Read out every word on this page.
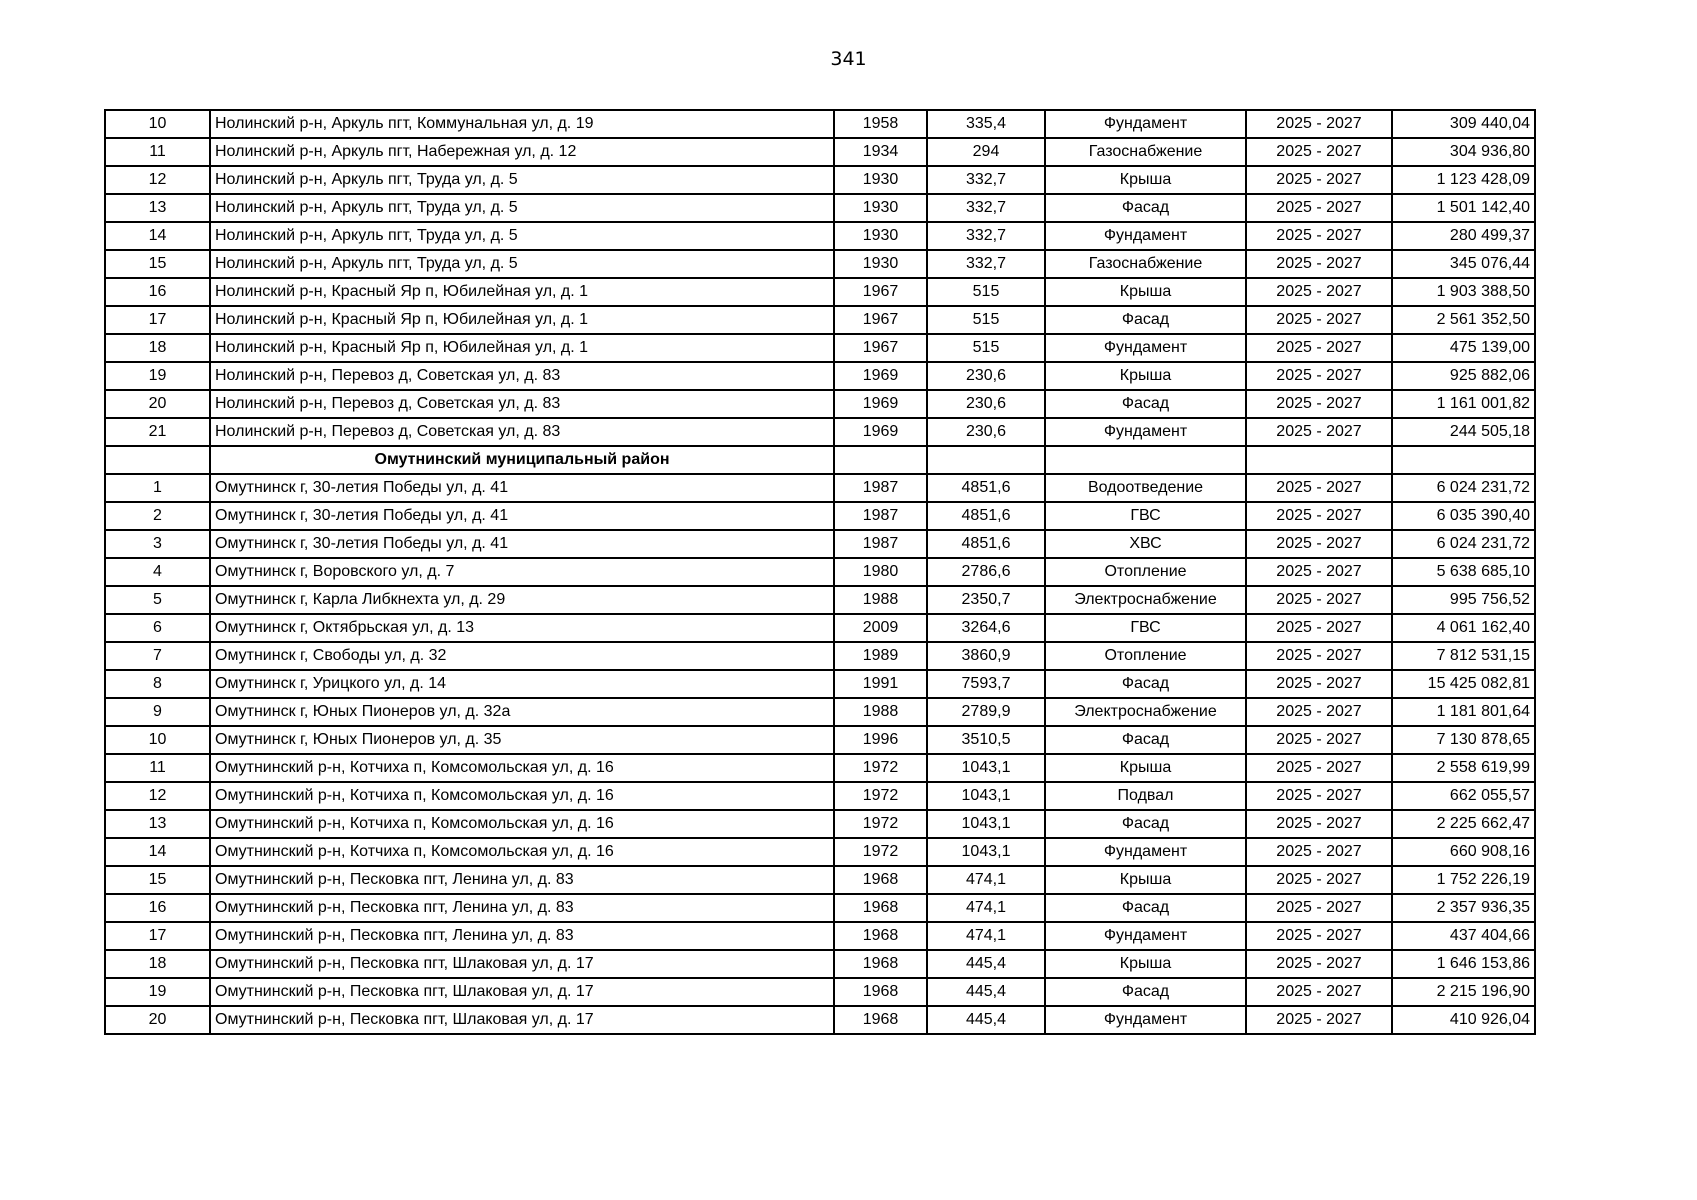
341
10	Нолинский р-н, Аркуль пгт, Коммунальная ул, д. 19	1958	335,4	Фундамент	2025 - 2027	309 440,04
11	Нолинский р-н, Аркуль пгт, Набережная ул, д. 12	1934	294	Газоснабжение	2025 - 2027	304 936,80
12	Нолинский р-н, Аркуль пгт, Труда ул, д. 5	1930	332,7	Крыша	2025 - 2027	1 123 428,09
13	Нолинский р-н, Аркуль пгт, Труда ул, д. 5	1930	332,7	Фасад	2025 - 2027	1 501 142,40
14	Нолинский р-н, Аркуль пгт, Труда ул, д. 5	1930	332,7	Фундамент	2025 - 2027	280 499,37
15	Нолинский р-н, Аркуль пгт, Труда ул, д. 5	1930	332,7	Газоснабжение	2025 - 2027	345 076,44
16	Нолинский р-н, Красный Яр п, Юбилейная ул, д. 1	1967	515	Крыша	2025 - 2027	1 903 388,50
17	Нолинский р-н, Красный Яр п, Юбилейная ул, д. 1	1967	515	Фасад	2025 - 2027	2 561 352,50
18	Нолинский р-н, Красный Яр п, Юбилейная ул, д. 1	1967	515	Фундамент	2025 - 2027	475 139,00
19	Нолинский р-н, Перевоз д, Советская ул, д. 83	1969	230,6	Крыша	2025 - 2027	925 882,06
20	Нолинский р-н, Перевоз д, Советская ул, д. 83	1969	230,6	Фасад	2025 - 2027	1 161 001,82
21	Нолинский р-н, Перевоз д, Советская ул, д. 83	1969	230,6	Фундамент	2025 - 2027	244 505,18
	Омутнинский муниципальный район					
1	Омутнинск г, 30-летия Победы ул, д. 41	1987	4851,6	Водоотведение	2025 - 2027	6 024 231,72
2	Омутнинск г, 30-летия Победы ул, д. 41	1987	4851,6	ГВС	2025 - 2027	6 035 390,40
3	Омутнинск г, 30-летия Победы ул, д. 41	1987	4851,6	ХВС	2025 - 2027	6 024 231,72
4	Омутнинск г, Воровского ул, д. 7	1980	2786,6	Отопление	2025 - 2027	5 638 685,10
5	Омутнинск г, Карла Либкнехта ул, д. 29	1988	2350,7	Электроснабжение	2025 - 2027	995 756,52
6	Омутнинск г, Октябрьская ул, д. 13	2009	3264,6	ГВС	2025 - 2027	4 061 162,40
7	Омутнинск г, Свободы ул, д. 32	1989	3860,9	Отопление	2025 - 2027	7 812 531,15
8	Омутнинск г, Урицкого ул, д. 14	1991	7593,7	Фасад	2025 - 2027	15 425 082,81
9	Омутнинск г, Юных Пионеров ул, д. 32а	1988	2789,9	Электроснабжение	2025 - 2027	1 181 801,64
10	Омутнинск г, Юных Пионеров ул, д. 35	1996	3510,5	Фасад	2025 - 2027	7 130 878,65
11	Омутнинский р-н, Котчиха п, Комсомольская ул, д. 16	1972	1043,1	Крыша	2025 - 2027	2 558 619,99
12	Омутнинский р-н, Котчиха п, Комсомольская ул, д. 16	1972	1043,1	Подвал	2025 - 2027	662 055,57
13	Омутнинский р-н, Котчиха п, Комсомольская ул, д. 16	1972	1043,1	Фасад	2025 - 2027	2 225 662,47
14	Омутнинский р-н, Котчиха п, Комсомольская ул, д. 16	1972	1043,1	Фундамент	2025 - 2027	660 908,16
15	Омутнинский р-н, Песковка пгт, Ленина ул, д. 83	1968	474,1	Крыша	2025 - 2027	1 752 226,19
16	Омутнинский р-н, Песковка пгт, Ленина ул, д. 83	1968	474,1	Фасад	2025 - 2027	2 357 936,35
17	Омутнинский р-н, Песковка пгт, Ленина ул, д. 83	1968	474,1	Фундамент	2025 - 2027	437 404,66
18	Омутнинский р-н, Песковка пгт, Шлаковая ул, д. 17	1968	445,4	Крыша	2025 - 2027	1 646 153,86
19	Омутнинский р-н, Песковка пгт, Шлаковая ул, д. 17	1968	445,4	Фасад	2025 - 2027	2 215 196,90
20	Омутнинский р-н, Песковка пгт, Шлаковая ул, д. 17	1968	445,4	Фундамент	2025 - 2027	410 926,04
